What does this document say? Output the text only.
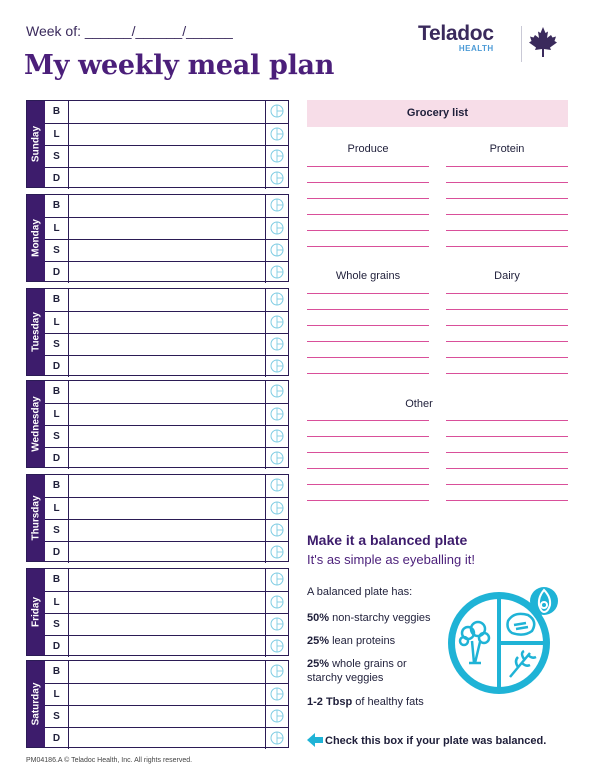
Week of: ______/______/______
My weekly meal plan
Teladoc
HEALTH
Sunday
B
L
S
D
Monday
B
L
S
D
Tuesday
B
L
S
D
Wednesday
B
L
S
D
Thursday
B
L
S
D
Friday
B
L
S
D
Saturday
B
L
S
D
Grocery list
Produce	Protein
Whole grains	Dairy
Other
Make it a balanced plate
It's as simple as eyeballing it!
A balanced plate has:
50% non-starchy veggies
25% lean proteins
25% whole grains or
starchy veggies
1-2 Tbsp of healthy fats
Check this box if your plate was balanced.
PM04186.A © Teladoc Health, Inc. All rights reserved.
